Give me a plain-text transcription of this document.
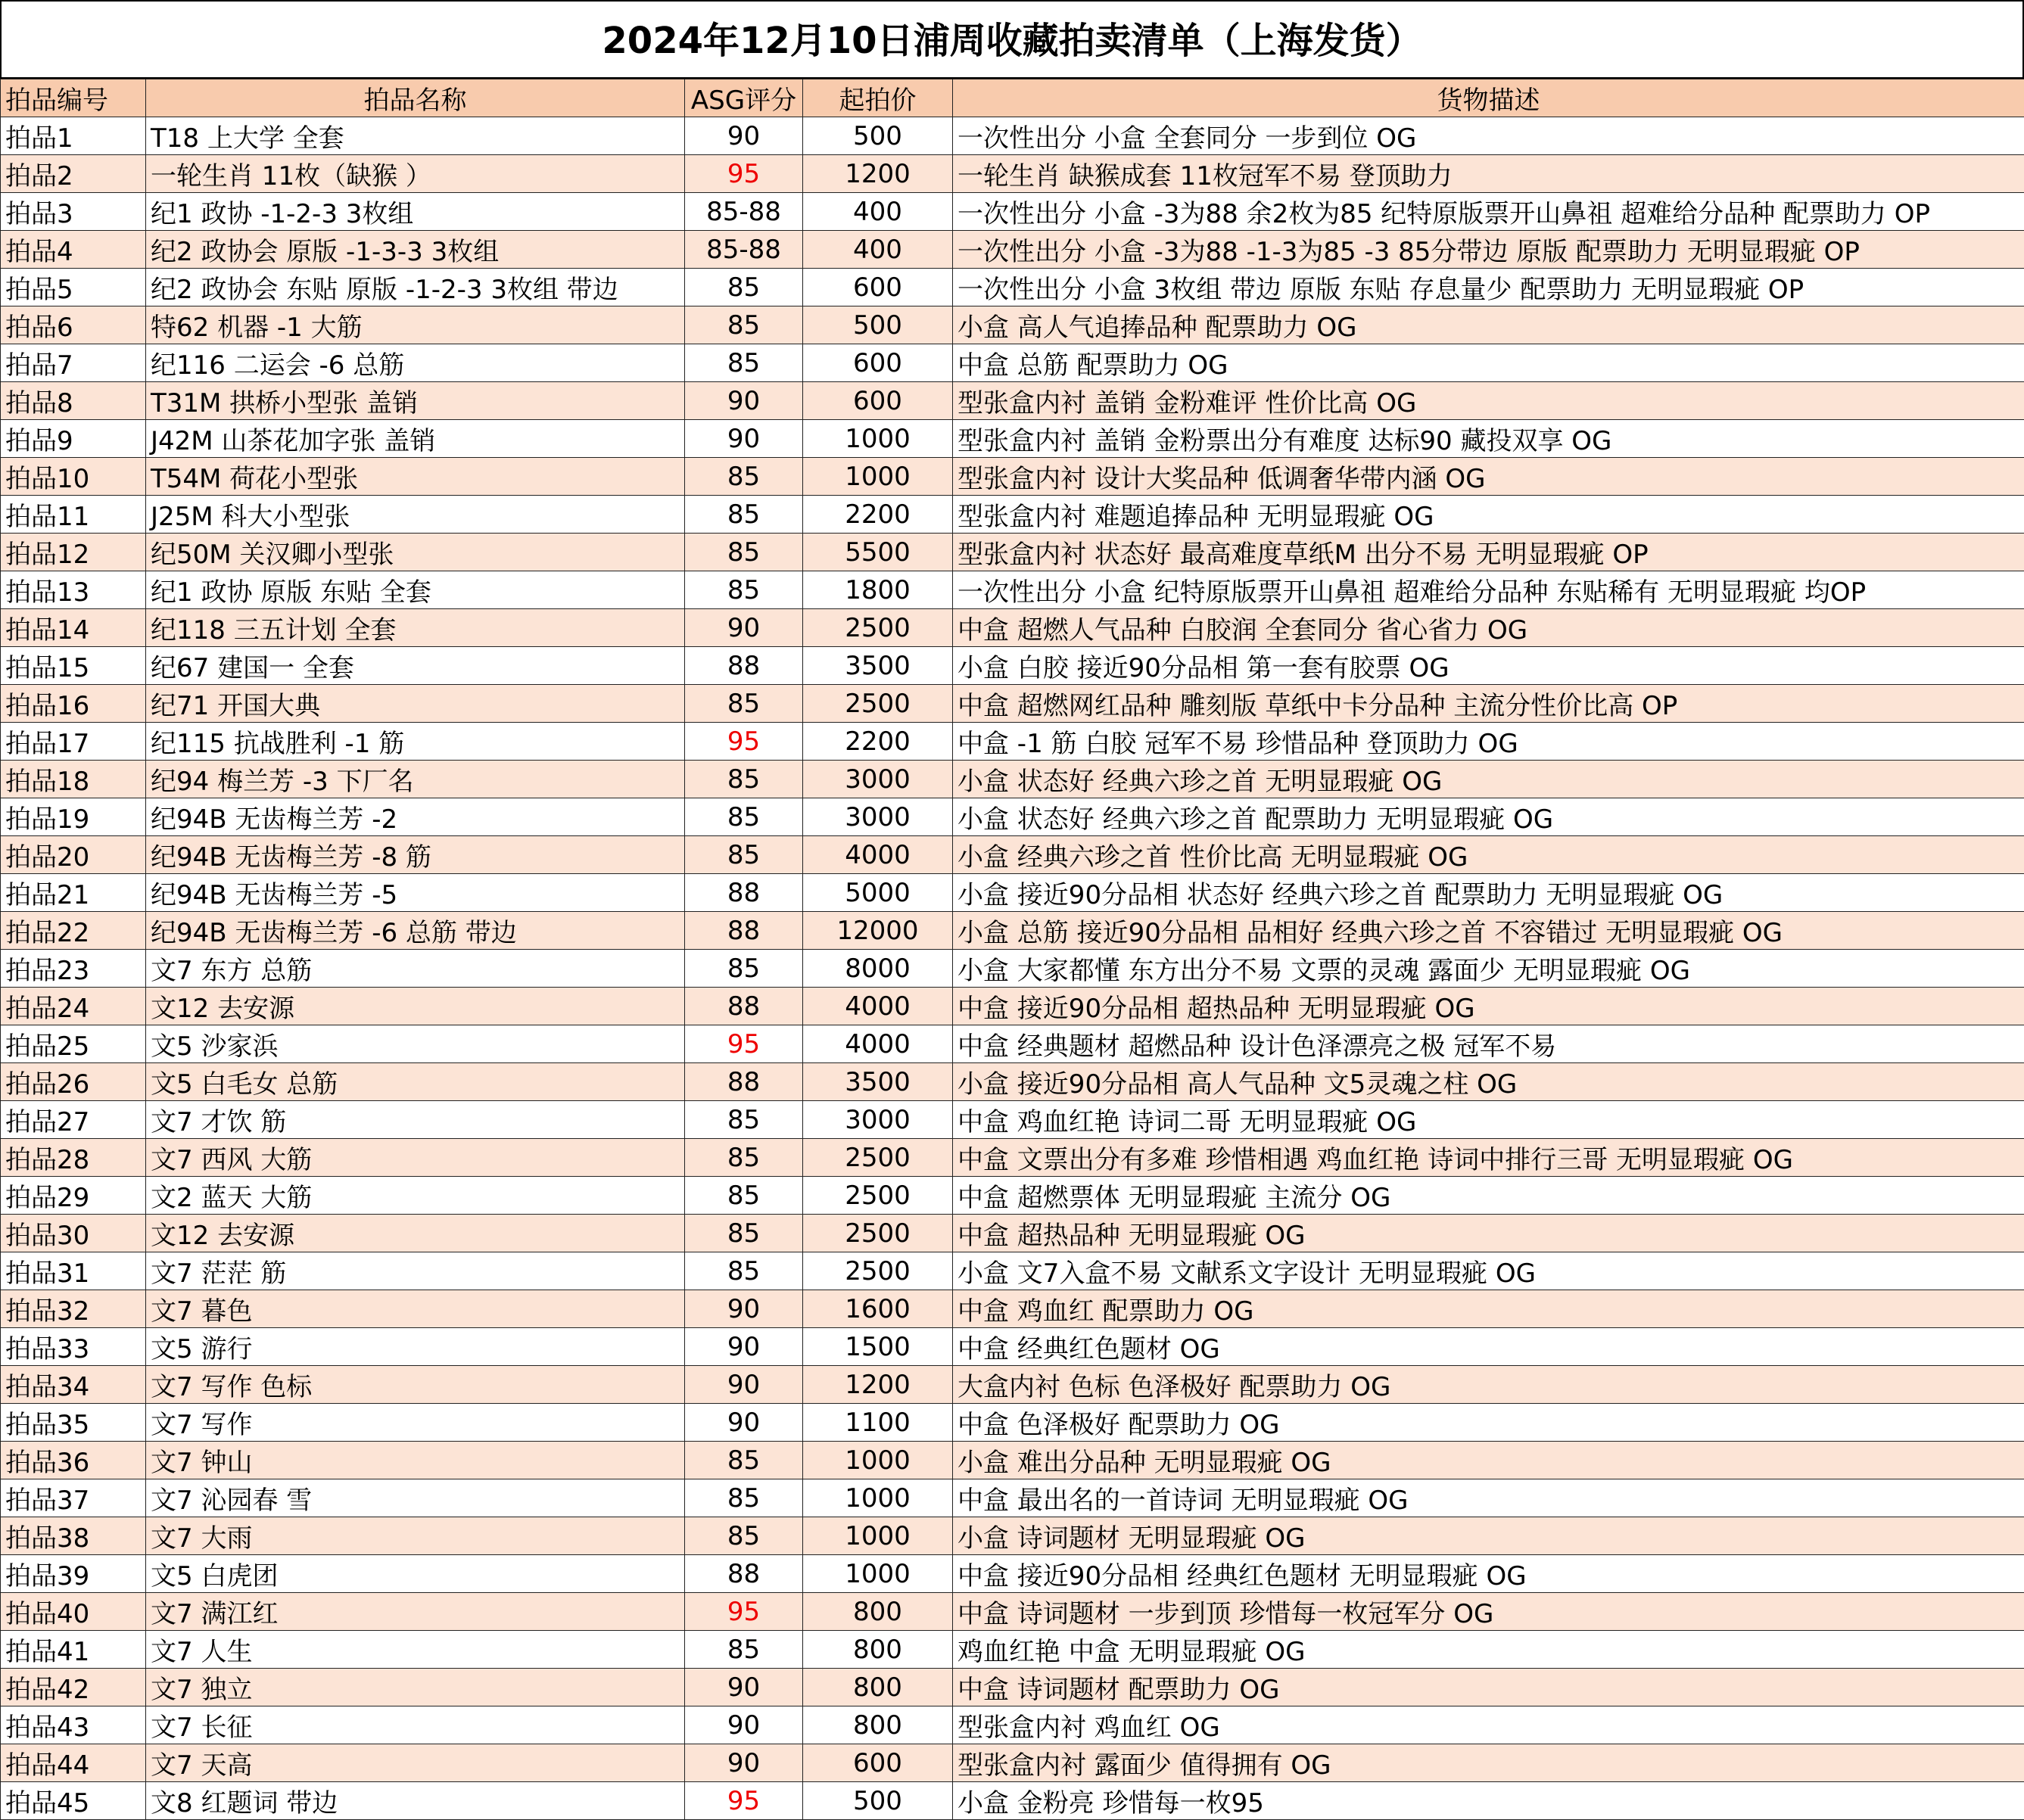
2024年12月10日浦周收藏拍卖清单（上海发货）
拍品编号	拍品名称	ASG评分	起拍价	货物描述
拍品1	T18 上大学 全套	90	500	一次性出分 小盒 全套同分 一步到位 OG
拍品2	一轮生肖 11枚（缺猴 ）	95	1200	一轮生肖 缺猴成套 11枚冠军不易 登顶助力
拍品3	纪1 政协 -1-2-3 3枚组	85-88	400	一次性出分 小盒 -3为88 余2枚为85 纪特原版票开山鼻祖 超难给分品种 配票助力 OP
拍品4	纪2 政协会 原版 -1-3-3 3枚组	85-88	400	一次性出分 小盒 -3为88 -1-3为85 -3 85分带边 原版 配票助力 无明显瑕疵 OP
拍品5	纪2 政协会 东贴 原版 -1-2-3 3枚组 带边	85	600	一次性出分 小盒 3枚组 带边 原版 东贴 存息量少 配票助力 无明显瑕疵 OP
拍品6	特62 机器 -1 大筋	85	500	小盒 高人气追捧品种 配票助力 OG
拍品7	纪116 二运会 -6 总筋	85	600	中盒 总筋 配票助力 OG
拍品8	T31M 拱桥小型张 盖销	90	600	型张盒内衬 盖销 金粉难评 性价比高 OG
拍品9	J42M 山茶花加字张 盖销	90	1000	型张盒内衬 盖销 金粉票出分有难度 达标90 藏投双享 OG
拍品10	T54M 荷花小型张	85	1000	型张盒内衬 设计大奖品种 低调奢华带内涵 OG
拍品11	J25M 科大小型张	85	2200	型张盒内衬 难题追捧品种 无明显瑕疵 OG
拍品12	纪50M 关汉卿小型张	85	5500	型张盒内衬 状态好 最高难度草纸M 出分不易 无明显瑕疵 OP
拍品13	纪1 政协 原版 东贴 全套	85	1800	一次性出分 小盒 纪特原版票开山鼻祖 超难给分品种 东贴稀有 无明显瑕疵 均OP
拍品14	纪118 三五计划 全套	90	2500	中盒 超燃人气品种 白胶润 全套同分 省心省力 OG
拍品15	纪67 建国一 全套	88	3500	小盒 白胶 接近90分品相 第一套有胶票 OG
拍品16	纪71 开国大典	85	2500	中盒 超燃网红品种 雕刻版 草纸中卡分品种 主流分性价比高 OP
拍品17	纪115 抗战胜利 -1 筋	95	2200	中盒 -1 筋 白胶 冠军不易 珍惜品种 登顶助力 OG
拍品18	纪94 梅兰芳 -3 下厂名	85	3000	小盒 状态好 经典六珍之首 无明显瑕疵 OG
拍品19	纪94B 无齿梅兰芳 -2	85	3000	小盒 状态好 经典六珍之首 配票助力 无明显瑕疵 OG
拍品20	纪94B 无齿梅兰芳 -8 筋	85	4000	小盒 经典六珍之首 性价比高 无明显瑕疵 OG
拍品21	纪94B 无齿梅兰芳 -5	88	5000	小盒 接近90分品相 状态好 经典六珍之首 配票助力 无明显瑕疵 OG
拍品22	纪94B 无齿梅兰芳 -6 总筋 带边	88	12000	小盒 总筋 接近90分品相 品相好 经典六珍之首 不容错过 无明显瑕疵 OG
拍品23	文7 东方 总筋	85	8000	小盒 大家都懂 东方出分不易 文票的灵魂 露面少 无明显瑕疵 OG
拍品24	文12 去安源	88	4000	中盒 接近90分品相 超热品种 无明显瑕疵 OG
拍品25	文5 沙家浜	95	4000	中盒 经典题材 超燃品种 设计色泽漂亮之极 冠军不易
拍品26	文5 白毛女 总筋	88	3500	小盒 接近90分品相 高人气品种 文5灵魂之柱 OG
拍品27	文7 才饮 筋	85	3000	中盒 鸡血红艳 诗词二哥 无明显瑕疵 OG
拍品28	文7 西风 大筋	85	2500	中盒 文票出分有多难 珍惜相遇 鸡血红艳 诗词中排行三哥 无明显瑕疵 OG
拍品29	文2 蓝天 大筋	85	2500	中盒 超燃票体 无明显瑕疵 主流分 OG
拍品30	文12 去安源	85	2500	中盒 超热品种 无明显瑕疵 OG
拍品31	文7 茫茫 筋	85	2500	小盒 文7入盒不易 文献系文字设计 无明显瑕疵 OG
拍品32	文7 暮色	90	1600	中盒 鸡血红 配票助力 OG
拍品33	文5 游行	90	1500	中盒 经典红色题材 OG
拍品34	文7 写作 色标	90	1200	大盒内衬 色标 色泽极好 配票助力 OG
拍品35	文7 写作	90	1100	中盒 色泽极好 配票助力 OG
拍品36	文7 钟山	85	1000	小盒 难出分品种 无明显瑕疵 OG
拍品37	文7 沁园春 雪	85	1000	中盒 最出名的一首诗词 无明显瑕疵 OG
拍品38	文7 大雨	85	1000	小盒 诗词题材 无明显瑕疵 OG
拍品39	文5 白虎团	88	1000	中盒 接近90分品相 经典红色题材 无明显瑕疵 OG
拍品40	文7 满江红	95	800	中盒 诗词题材 一步到顶 珍惜每一枚冠军分 OG
拍品41	文7 人生	85	800	鸡血红艳 中盒 无明显瑕疵 OG
拍品42	文7 独立	90	800	中盒 诗词题材 配票助力 OG
拍品43	文7 长征	90	800	型张盒内衬 鸡血红 OG
拍品44	文7 天高	90	600	型张盒内衬 露面少 值得拥有 OG
拍品45	文8 红题词 带边	95	500	小盒 金粉亮 珍惜每一枚95
